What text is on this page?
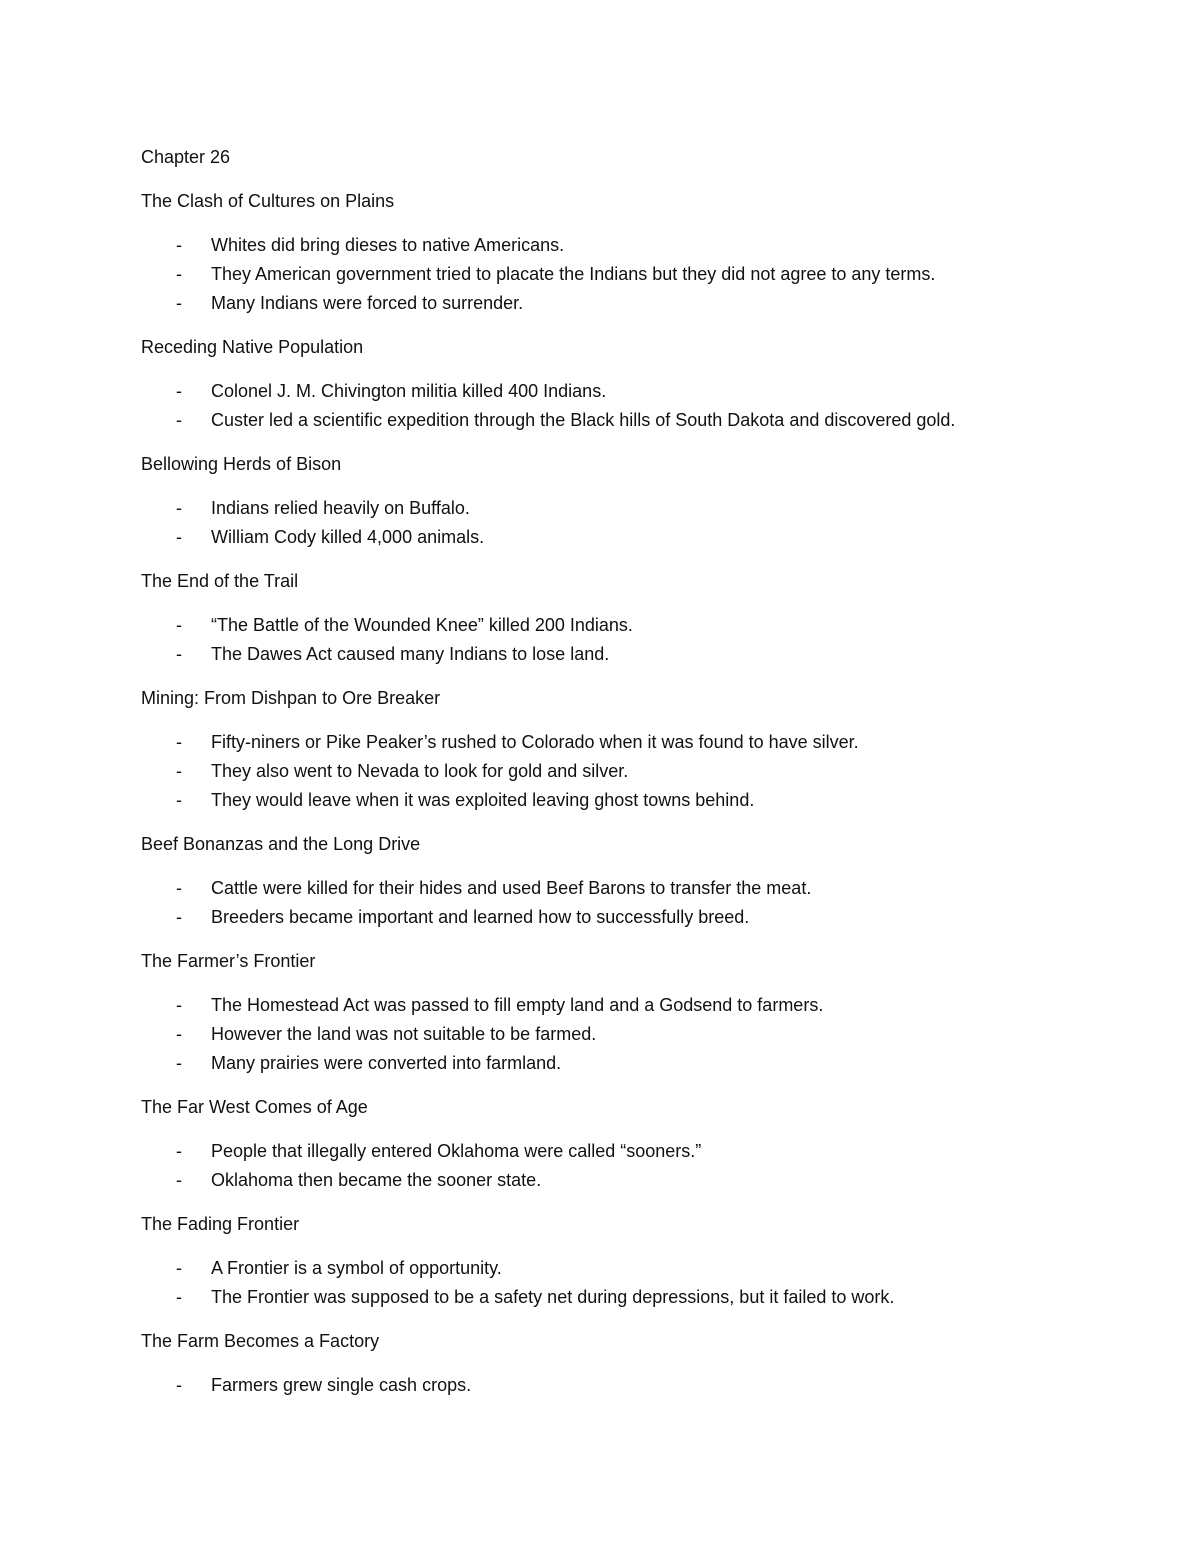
Chapter 26
The Clash of Cultures on Plains
- Whites did bring dieses to native Americans.
- They American government tried to placate the Indians but they did not agree to any terms.
- Many Indians were forced to surrender.
Receding Native Population
- Colonel J. M. Chivington militia killed 400 Indians.
- Custer led a scientific expedition through the Black hills of South Dakota and discovered gold.
Bellowing Herds of Bison
- Indians relied heavily on Buffalo.
- William Cody killed 4,000 animals.
The End of the Trail
- “The Battle of the Wounded Knee” killed 200 Indians.
- The Dawes Act caused many Indians to lose land.
Mining: From Dishpan to Ore Breaker
- Fifty-niners or Pike Peaker’s rushed to Colorado when it was found to have silver.
- They also went to Nevada to look for gold and silver.
- They would leave when it was exploited leaving ghost towns behind.
Beef Bonanzas and the Long Drive
- Cattle were killed for their hides and used Beef Barons to transfer the meat.
- Breeders became important and learned how to successfully breed.
The Farmer’s Frontier
- The Homestead Act was passed to fill empty land and a Godsend to farmers.
- However the land was not suitable to be farmed.
- Many prairies were converted into farmland.
The Far West Comes of Age
- People that illegally entered Oklahoma were called “sooners.”
- Oklahoma then became the sooner state.
The Fading Frontier
- A Frontier is a symbol of opportunity.
- The Frontier was supposed to be a safety net during depressions, but it failed to work.
The Farm Becomes a Factory
- Farmers grew single cash crops.
